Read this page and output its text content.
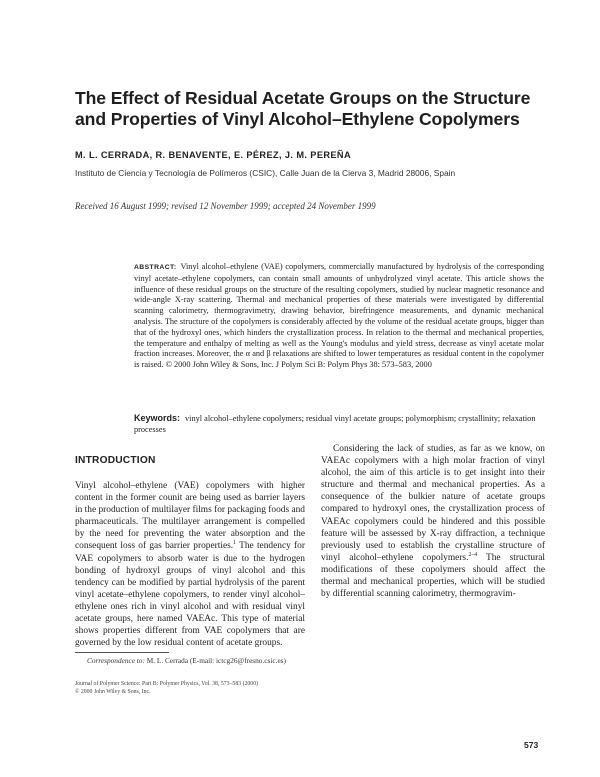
The Effect of Residual Acetate Groups on the Structure and Properties of Vinyl Alcohol–Ethylene Copolymers
M. L. CERRADA, R. BENAVENTE, E. PÉREZ, J. M. PEREÑA
Instituto de Ciencia y Tecnología de Polímeros (CSIC), Calle Juan de la Cierva 3, Madrid 28006, Spain
Received 16 August 1999; revised 12 November 1999; accepted 24 November 1999

ABSTRACT: Vinyl alcohol–ethylene (VAE) copolymers, commercially manufactured by hydrolysis of the corresponding vinyl acetate–ethylene copolymers, can contain small amounts of unhydrolyzed vinyl acetate. This article shows the influence of these residual groups on the structure of the resulting copolymers, studied by nuclear magnetic resonance and wide-angle X-ray scattering. Thermal and mechanical properties of these materials were investigated by differential scanning calorimetry, thermogravimetry, drawing behavior, birefringence measurements, and dynamic mechanical analysis. The structure of the copolymers is considerably affected by the volume of the residual acetate groups, bigger than that of the hydroxyl ones, which hinders the crystallization process. In relation to the thermal and mechanical properties, the temperature and enthalpy of melting as well as the Young's modulus and yield stress, decrease as vinyl acetate molar fraction increases. Moreover, the α and β relaxations are shifted to lower temperatures as residual content in the copolymer is raised. © 2000 John Wiley & Sons, Inc. J Polym Sci B: Polym Phys 38: 573–583, 2000

Keywords: vinyl alcohol–ethylene copolymers; residual vinyl acetate groups; polymorphism; crystallinity; relaxation processes

INTRODUCTION

Vinyl alcohol–ethylene (VAE) copolymers with higher content in the former counit are being used as barrier layers in the production of multilayer films for packaging foods and pharmaceuticals. The multilayer arrangement is compelled by the need for preventing the water absorption and the consequent loss of gas barrier properties.$^1$ The tendency for VAE copolymers to absorb water is due to the hydrogen bonding of hydroxyl groups of vinyl alcohol and this tendency can be modified by partial hydrolysis of the parent vinyl acetate–ethylene copolymers, to render vinyl alcohol–ethylene ones rich in vinyl alcohol and with residual vinyl acetate groups, here named VAEAc. This type of material shows properties different from VAE copolymers that are governed by the low residual content of acetate groups.

Considering the lack of studies, as far as we know, on VAEAc copolymers with a high molar fraction of vinyl alcohol, the aim of this article is to get insight into their structure and thermal and mechanical properties. As a consequence of the bulkier nature of acetate groups compared to hydroxyl ones, the crystallization process of VAEAc copolymers could be hindered and this possible feature will be assessed by X-ray diffraction, a technique previously used to establish the crystalline structure of vinyl alcohol–ethylene copolymers.$^{2-4}$ The structural modifications of these copolymers should affect the thermal and mechanical properties, which will be studied by differential scanning calorimetry, thermogravim-

Correspondence to: M. L. Cerrada (E-mail: ictcg26@fresno.csic.es)

Journal of Polymer Science: Part B: Polymer Physics, Vol. 38, 573–583 (2000)
© 2000 John Wiley & Sons, Inc.

573
